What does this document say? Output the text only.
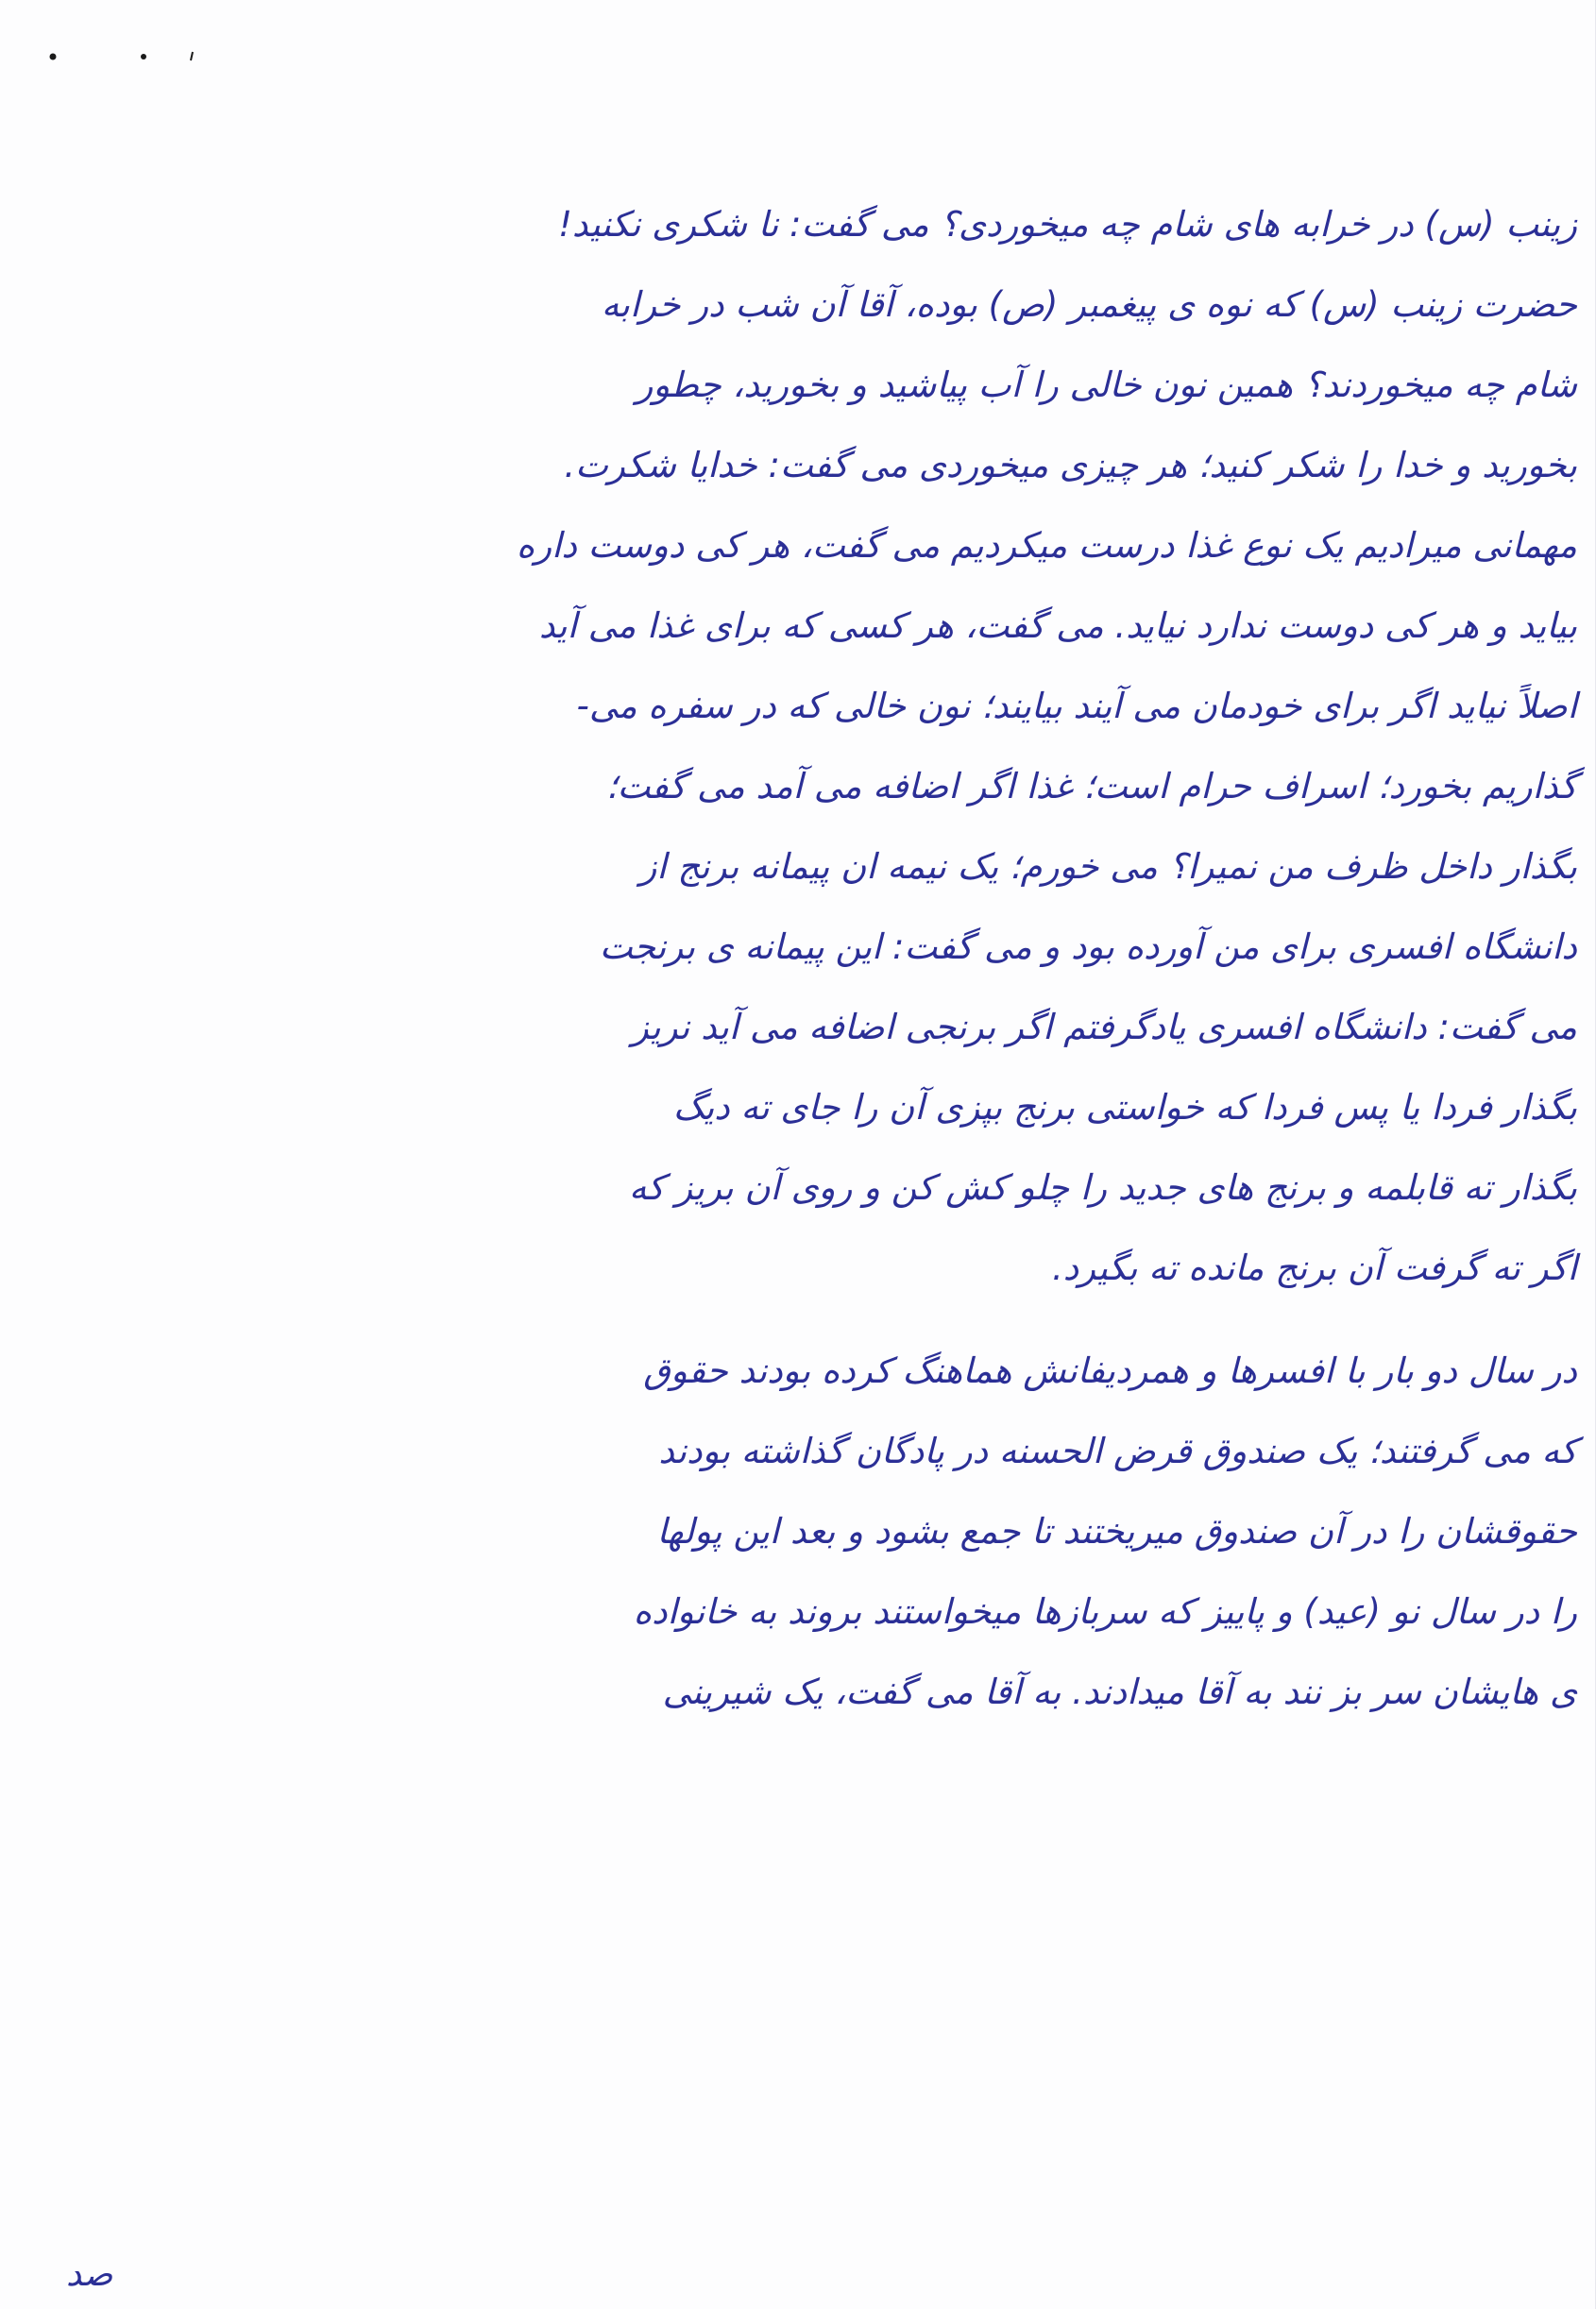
زینب (س) در خرابه های شام چه میخوردی؟ می گفت: نا شکری نکنید!
حضرت زینب (س) که نوه ی پیغمبر (ص) بوده، آقا آن شب در خرابه
شام چه میخوردند؟ همین نون خالی را آب پیاشید و بخورید، چطور
بخورید و خدا را شکر کنید؛ هر چیزی میخوردی می گفت: خدایا شکرت.
مهمانی میرادیم یک نوع غذا درست میکردیم می گفت، هر کی دوست داره
بیاید و هر کی دوست ندارد نیاید. می گفت، هر کسی که برای غذا می آید
اصلاً نیاید اگر برای خودمان می آیند بیایند؛ نون خالی که در سفره می-
گذاریم بخورد؛ اسراف حرام است؛ غذا اگر اضافه می آمد می گفت؛
بگذار داخل ظرف من نمیرا؟ می خورم؛ یک نیمه ان پیمانه برنج از
دانشگاه افسری برای من آورده بود و می گفت: این پیمانه ی برنجت
می گفت: دانشگاه افسری یادگرفتم اگر برنجی اضافه می آید نریز
بگذار فردا یا پس فردا که خواستی برنج بپزی آن را جای ته دیگ
بگذار ته قابلمه و برنج های جدید را چلو کش کن و روی آن بریز که
اگر ته گرفت آن برنج مانده ته بگیرد.
در سال دو بار با افسرها و همردیفانش هماهنگ کرده بودند حقوق
که می گرفتند؛ یک صندوق قرض الحسنه در پادگان گذاشته بودند
حقوقشان را در آن صندوق میریختند تا جمع بشود و بعد این پولها
را در سال نو (عید) و پاییز که سربازها میخواستند بروند به خانواده
ی هایشان سر بز نند به آقا میدادند. به آقا می گفت، یک شیرینی
صد
